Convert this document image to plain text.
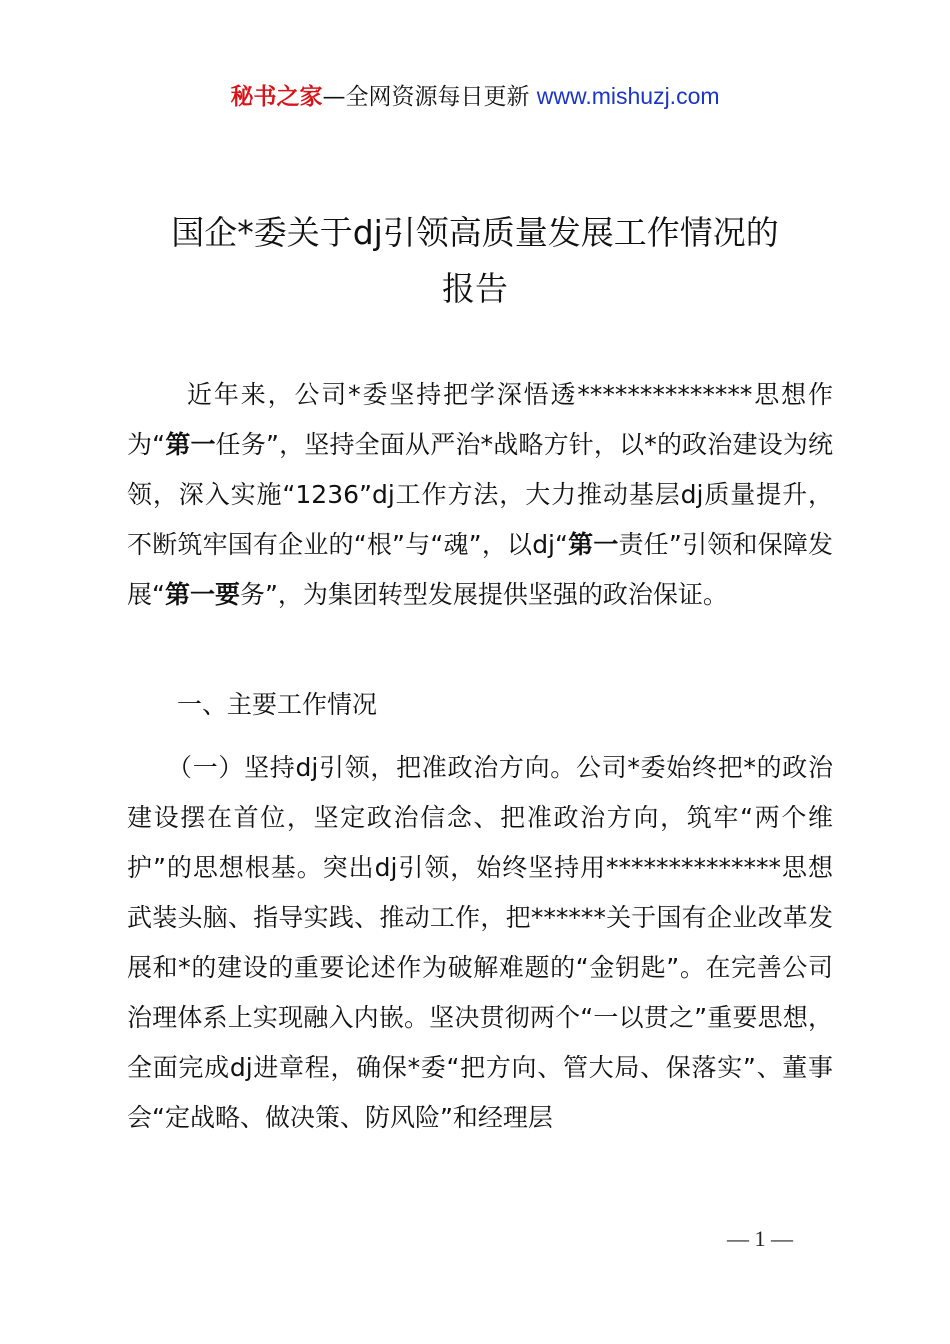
秘书之家—全网资源每日更新 www.mishuzj.com
国企*委关于dj引领高质量发展工作情况的
报告

近年来，公司*委坚持把学深悟透**************思想作为“第一任务”，坚持全面从严治*战略方针，以*的政治建设为统领，深入实施“1236”dj工作方法，大力推动基层dj质量提升，不断筑牢国有企业的“根”与“魂”，以dj“第一责任”引领和保障发展“第一要务”，为集团转型发展提供坚强的政治保证。

一、主要工作情况

（一）坚持dj引领，把准政治方向。公司*委始终把*的政治建设摆在首位，坚定政治信念、把准政治方向，筑牢“两个维护”的思想根基。突出dj引领，始终坚持用**************思想武装头脑、指导实践、推动工作，把******关于国有企业改革发展和*的建设的重要论述作为破解难题的“金钥匙”。在完善公司治理体系上实现融入内嵌。坚决贯彻两个“一以贯之”重要思想，全面完成dj进章程，确保*委“把方向、管大局、保落实”、董事会“定战略、做决策、防风险”和经理层

— 1 —
